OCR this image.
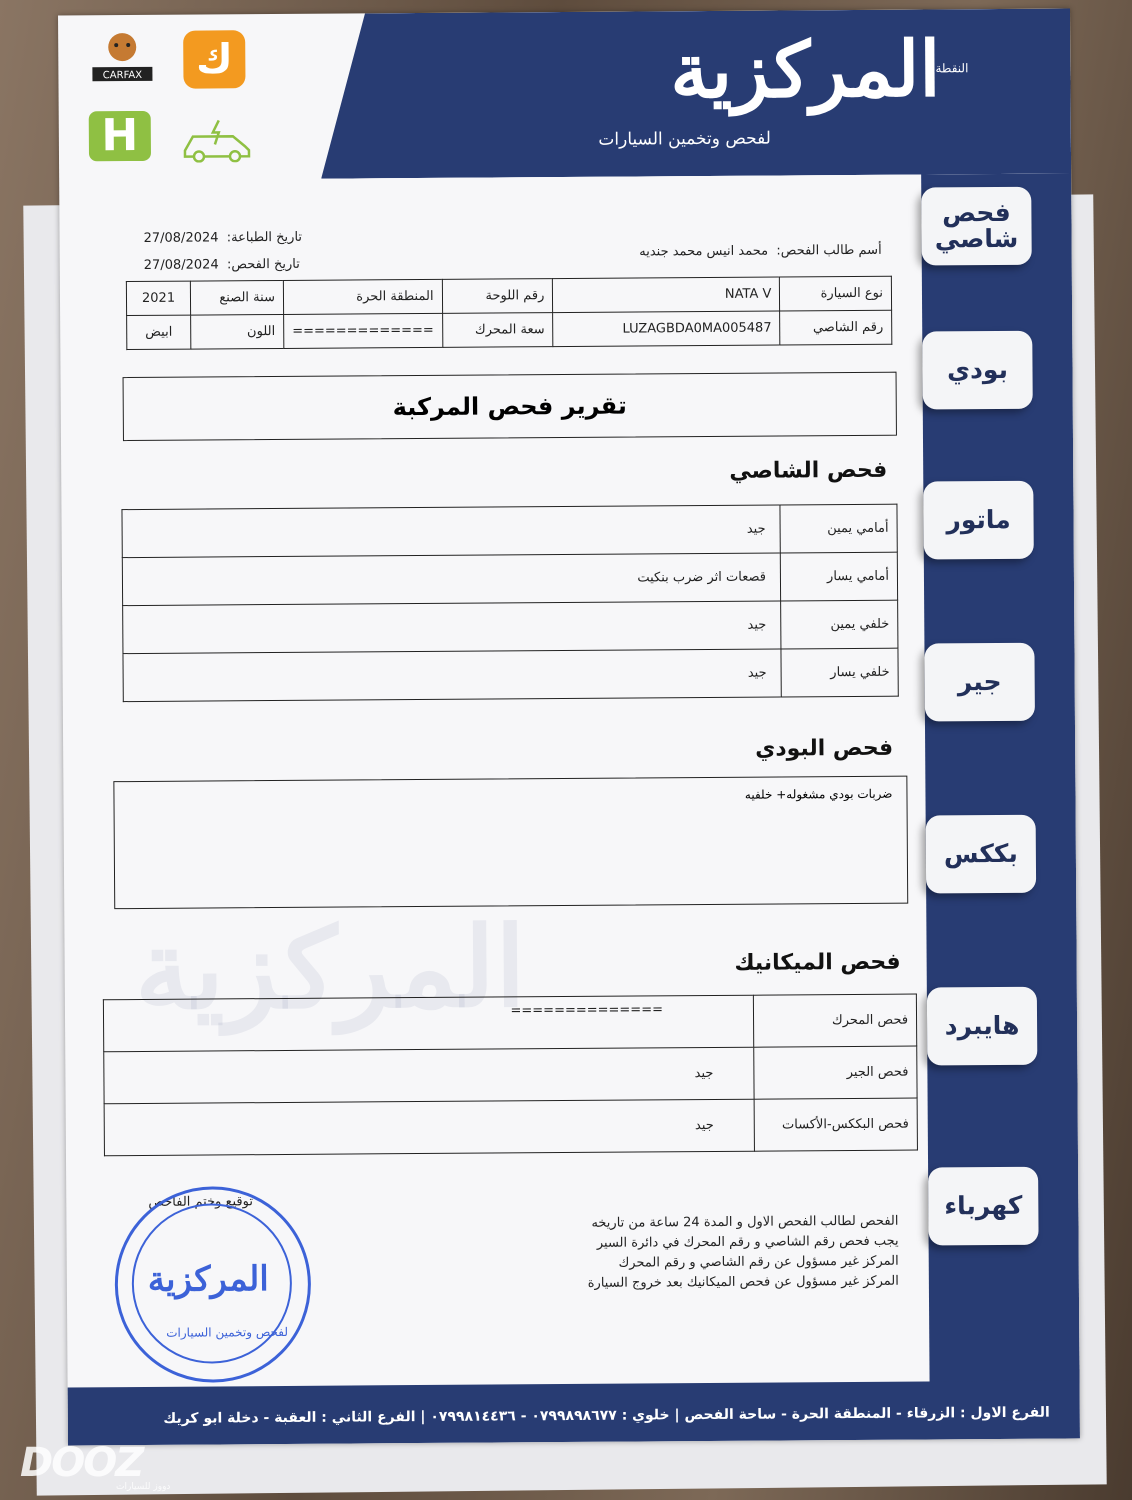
النقطة
المركزية
لفحص وتخمين السيارات
CARFAX	ك
H
المركزية
فحص شاصي
بودي
ماتور
جير
بككس
هايبرد
كهرباء
تاريخ الطباعة:  27/08/2024
تاريخ الفحص:  27/08/2024
أسم طالب الفحص:  محمد انيس محمد جنديه
نوع السيارة	NATA V	رقم اللوحة	المنطقة الحرة	سنة الصنع	2021
رقم الشاصي	LUZAGBDA0MA005487	سعة المحرك	=============	اللون	ابيض
تقرير فحص المركبة
فحص الشاصي
أمامي يمين	جيد
أمامي يسار	قصعات اثر ضرب بنكيت
خلفي يمين	جيد
خلفي يسار	جيد
فحص البودي
ضربات بودي مشغوله+ خلفيه
فحص الميكانيك
فحص المحرك	==============
فحص الجير	جيد
فحص البككس-الأكسات	جيد
توقيع وختم الفاحص
المركزية
لفحص وتخمين السيارات
الفحص لطالب الفحص الاول و المدة 24 ساعة من تاريخه
يجب فحص رقم الشاصي و رقم المحرك في دائرة السير
المركز غير مسؤول عن رقم الشاصي و رقم المحرك
المركز غير مسؤول عن فحص الميكانيك بعد خروج السيارة
الفرع الاول : الزرقاء - المنطقة الحرة - ساحة الفحص | خلوي : ٠٧٩٩٨٩٨٦٧٧ - ٠٧٩٩٨١٤٤٣٦ | الفرع الثاني : العقبة - دخلة ابو كريك
DOOZ
دووز للسيارات
